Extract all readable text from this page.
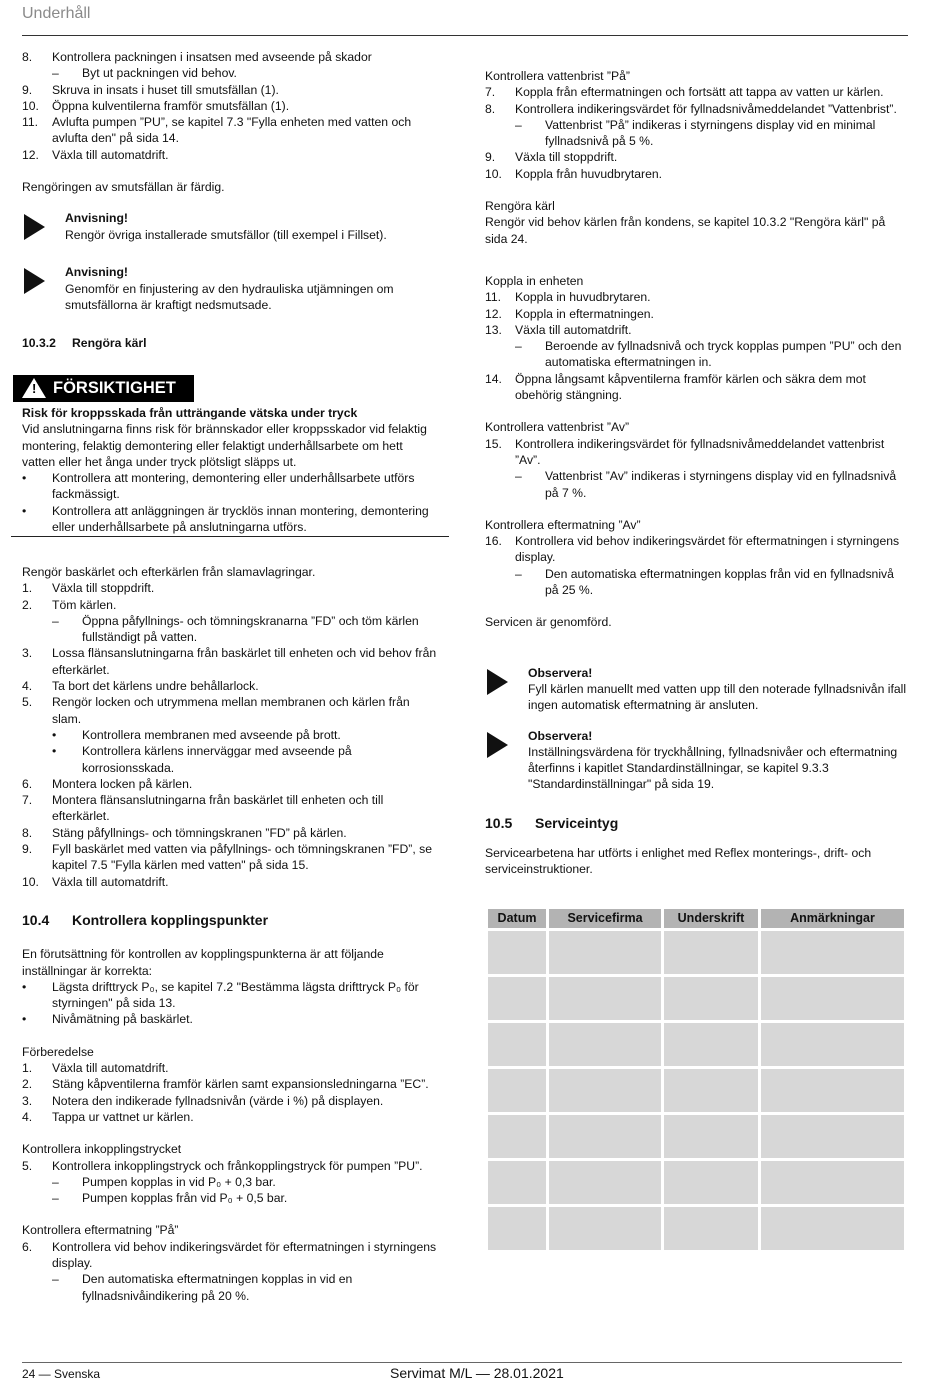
Underhåll
8. Kontrollera packningen i insatsen med avseende på skador
– Byt ut packningen vid behov.
9. Skruva in insats i huset till smutsfällan (1).
10. Öppna kulventilerna framför smutsfällan (1).
11. Avlufta pumpen ”PU”, se kapitel 7.3 "Fylla enheten med vatten och avlufta den" på sida 14.
12. Växla till automatdrift.
Rengöringen av smutsfällan är färdig.
Anvisning!
Rengör övriga installerade smutsfällor (till exempel i Fillset).
Anvisning!
Genomför en finjustering av den hydrauliska utjämningen om smutsfällorna är kraftigt nedsmutsade.
10.3.2 Rengöra kärl
! FÖRSIKTIGHET
Risk för kroppsskada från utträngande vätska under tryck
Vid anslutningarna finns risk för brännskador eller kroppsskador vid felaktig montering, felaktig demontering eller felaktigt underhållsarbete om hett vatten eller het ånga under tryck plötsligt släpps ut.
• Kontrollera att montering, demontering eller underhållsarbete utförs fackmässigt.
• Kontrollera att anläggningen är trycklös innan montering, demontering eller underhållsarbete på anslutningarna utförs.
Rengör baskärlet och efterkärlen från slamavlagringar.
1. Växla till stoppdrift.
2. Töm kärlen.
– Öppna påfyllnings- och tömningskranarna ”FD” och töm kärlen fullständigt på vatten.
3. Lossa flänsanslutningarna från baskärlet till enheten och vid behov från efterkärlet.
4. Ta bort det kärlens undre behållarlock.
5. Rengör locken och utrymmena mellan membranen och kärlen från slam.
• Kontrollera membranen med avseende på brott.
• Kontrollera kärlens innerväggar med avseende på korrosionsskada.
6. Montera locken på kärlen.
7. Montera flänsanslutningarna från baskärlet till enheten och till efterkärlet.
8. Stäng påfyllnings- och tömningskranen ”FD” på kärlen.
9. Fyll baskärlet med vatten via påfyllnings- och tömningskranen ”FD”, se kapitel 7.5 "Fylla kärlen med vatten" på sida 15.
10. Växla till automatdrift.
10.4 Kontrollera kopplingspunkter
En förutsättning för kontrollen av kopplingspunkterna är att följande inställningar är korrekta:
• Lägsta drifttryck P₀, se kapitel 7.2 "Bestämma lägsta drifttryck P₀ för styrningen" på sida 13.
• Nivåmätning på baskärlet.
Förberedelse
1. Växla till automatdrift.
2. Stäng kåpventilerna framför kärlen samt expansionsledningarna ”EC”.
3. Notera den indikerade fyllnadsnivån (värde i %) på displayen.
4. Tappa ur vattnet ur kärlen.
Kontrollera inkopplingstrycket
5. Kontrollera inkopplingstryck och frånkopplingstryck för pumpen ”PU”.
– Pumpen kopplas in vid P₀ + 0,3 bar.
– Pumpen kopplas från vid P₀ + 0,5 bar.
Kontrollera eftermatning ”På”
6. Kontrollera vid behov indikeringsvärdet för eftermatningen i styrningens display.
– Den automatiska eftermatningen kopplas in vid en fyllnadsnivåindikering på 20 %.
Kontrollera vattenbrist ”På”
7. Koppla från eftermatningen och fortsätt att tappa av vatten ur kärlen.
8. Kontrollera indikeringsvärdet för fyllnadsnivåmeddelandet ”Vattenbrist”.
– Vattenbrist ”På” indikeras i styrningens display vid en minimal fyllnadsnivå på 5 %.
9. Växla till stoppdrift.
10. Koppla från huvudbrytaren.
Rengöra kärl
Rengör vid behov kärlen från kondens, se kapitel 10.3.2 "Rengöra kärl" på sida 24.
Koppla in enheten
11. Koppla in huvudbrytaren.
12. Koppla in eftermatningen.
13. Växla till automatdrift.
– Beroende av fyllnadsnivå och tryck kopplas pumpen ”PU” och den automatiska eftermatningen in.
14. Öppna långsamt kåpventilerna framför kärlen och säkra dem mot obehörig stängning.
Kontrollera vattenbrist ”Av”
15. Kontrollera indikeringsvärdet för fyllnadsnivåmeddelandet vattenbrist ”Av”.
– Vattenbrist ”Av” indikeras i styrningens display vid en fyllnadsnivå på 7 %.
Kontrollera eftermatning ”Av”
16. Kontrollera vid behov indikeringsvärdet för eftermatningen i styrningens display.
– Den automatiska eftermatningen kopplas från vid en fyllnadsnivå på 25 %.
Servicen är genomförd.
Observera!
Fyll kärlen manuellt med vatten upp till den noterade fyllnadsnivån ifall ingen automatisk eftermatning är ansluten.
Observera!
Inställningsvärdena för tryckhållning, fyllnadsnivåer och eftermatning återfinns i kapitlet Standardinställningar, se kapitel 9.3.3 "Standardinställningar" på sida 19.
10.5 Serviceintyg
Servicearbetena har utförts i enlighet med Reflex monterings-, drift- och serviceinstruktioner.
Datum	Servicefirma	Underskrift	Anmärkningar

24 — Svenska	Servimat M/L — 28.01.2021
